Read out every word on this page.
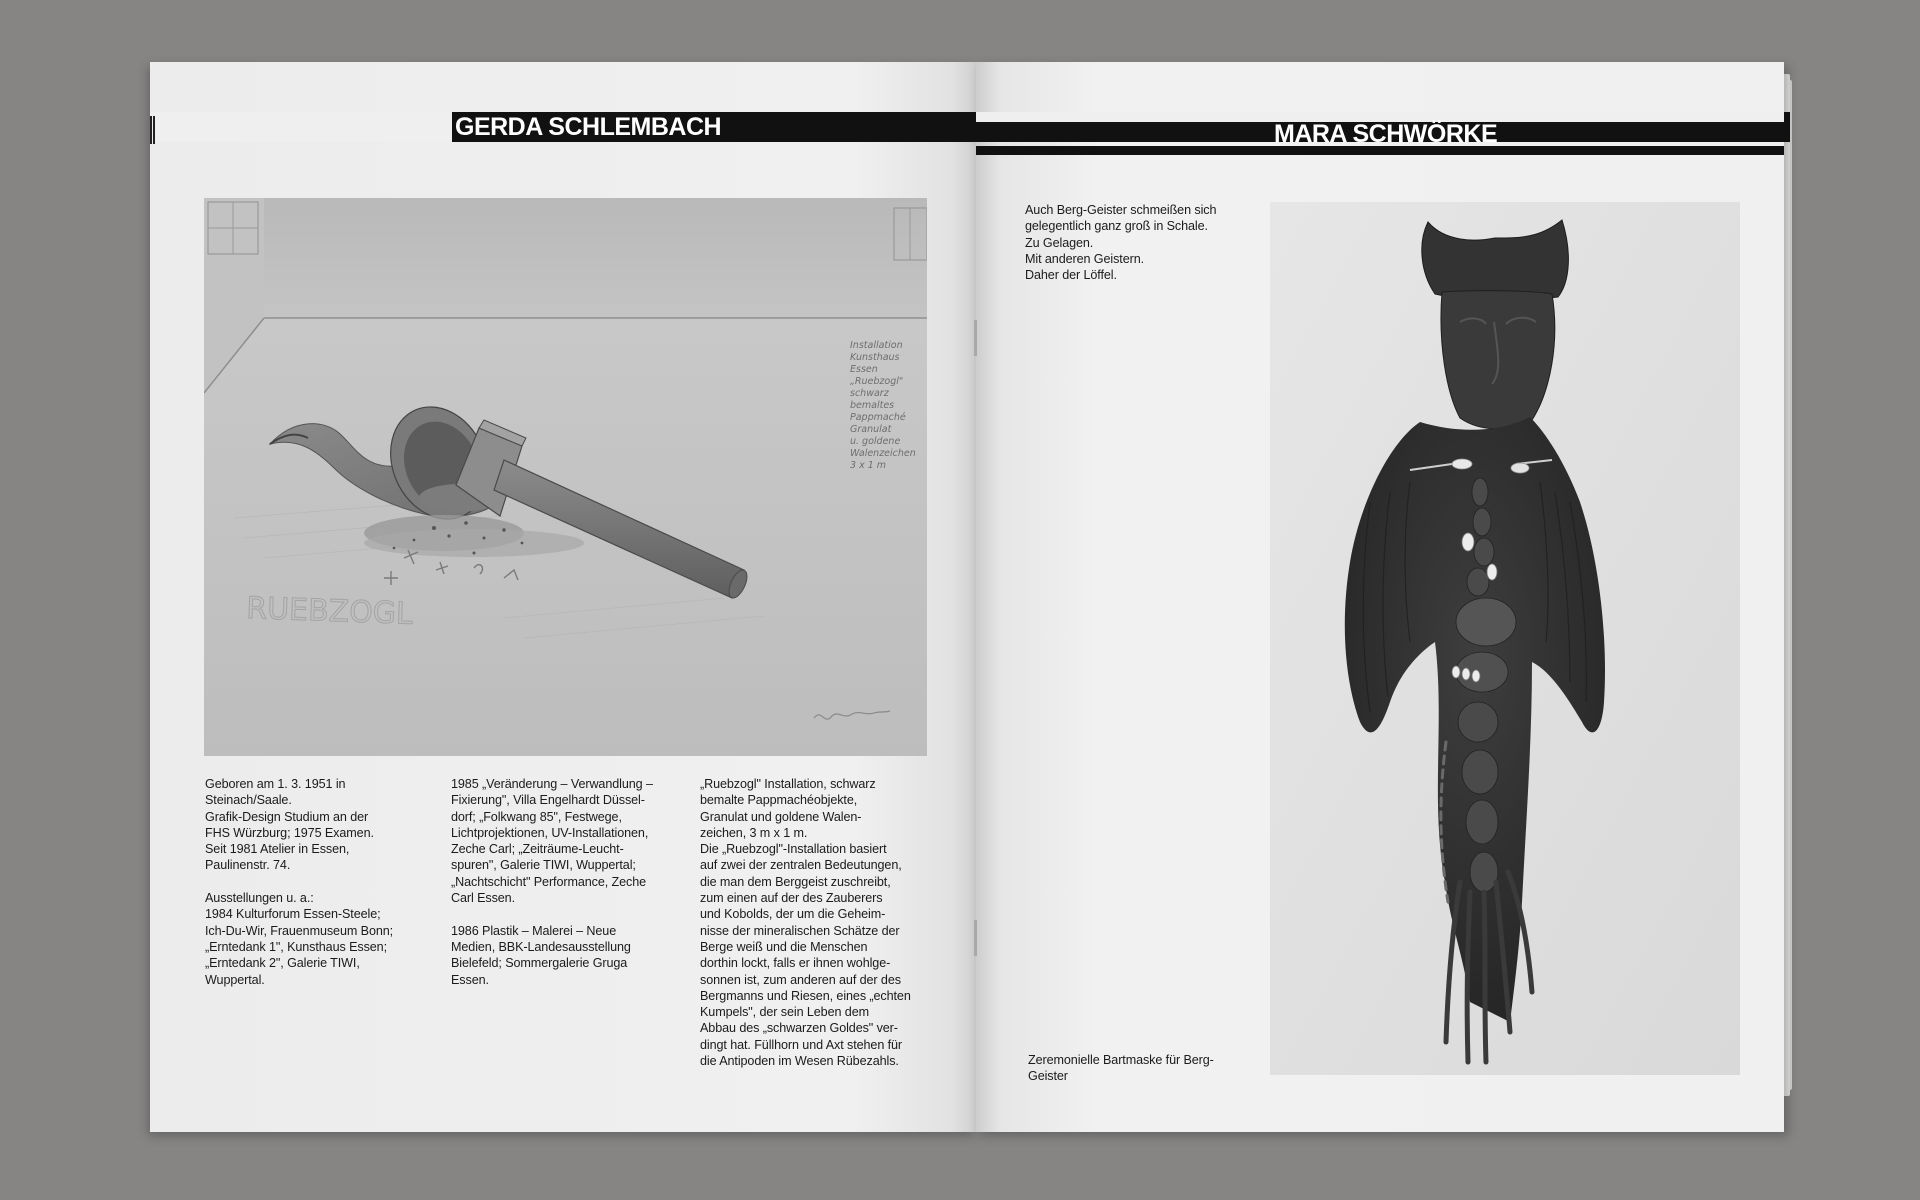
GERDA SCHLEMBACH	MARA SCHWÖRKE
RUEBZOGL
Installation
Kunsthaus
Essen
„Ruebzogl"
schwarz
bemaltes
Pappmaché
Granulat
u. goldene
Walenzeichen
3 x 1 m
Geboren am 1. 3. 1951 in
Steinach/Saale.
Grafik-Design Studium an der
FHS Würzburg; 1975 Examen.
Seit 1981 Atelier in Essen,
Paulinenstr. 74.

Ausstellungen u. a.:
1984 Kulturforum Essen-Steele;
Ich-Du-Wir, Frauenmuseum Bonn;
„Erntedank 1", Kunsthaus Essen;
„Erntedank 2", Galerie TIWI,
Wuppertal.
1985 „Veränderung – Verwandlung –
Fixierung", Villa Engelhardt Düssel-
dorf; „Folkwang 85", Festwege,
Lichtprojektionen, UV-Installationen,
Zeche Carl; „Zeiträume-Leucht-
spuren", Galerie TIWI, Wuppertal;
„Nachtschicht" Performance, Zeche
Carl Essen.

1986 Plastik – Malerei – Neue
Medien, BBK-Landesausstellung
Bielefeld; Sommergalerie Gruga
Essen.
„Ruebzogl" Installation, schwarz
bemalte Pappmachéobjekte,
Granulat und goldene Walen-
zeichen, 3 m x 1 m.
Die „Ruebzogl"-Installation basiert
auf zwei der zentralen Bedeutungen,
die man dem Berggeist zuschreibt,
zum einen auf der des Zauberers
und Kobolds, der um die Geheim-
nisse der mineralischen Schätze der
Berge weiß und die Menschen
dorthin lockt, falls er ihnen wohlge-
sonnen ist, zum anderen auf der des
Bergmanns und Riesen, eines „echten
Kumpels", der sein Leben dem
Abbau des „schwarzen Goldes" ver-
dingt hat. Füllhorn und Axt stehen für
die Antipoden im Wesen Rübezahls.
Auch Berg-Geister schmeißen sich
gelegentlich ganz groß in Schale.
Zu Gelagen.
Mit anderen Geistern.
Daher der Löffel.
Zeremonielle Bartmaske für Berg-
Geister
